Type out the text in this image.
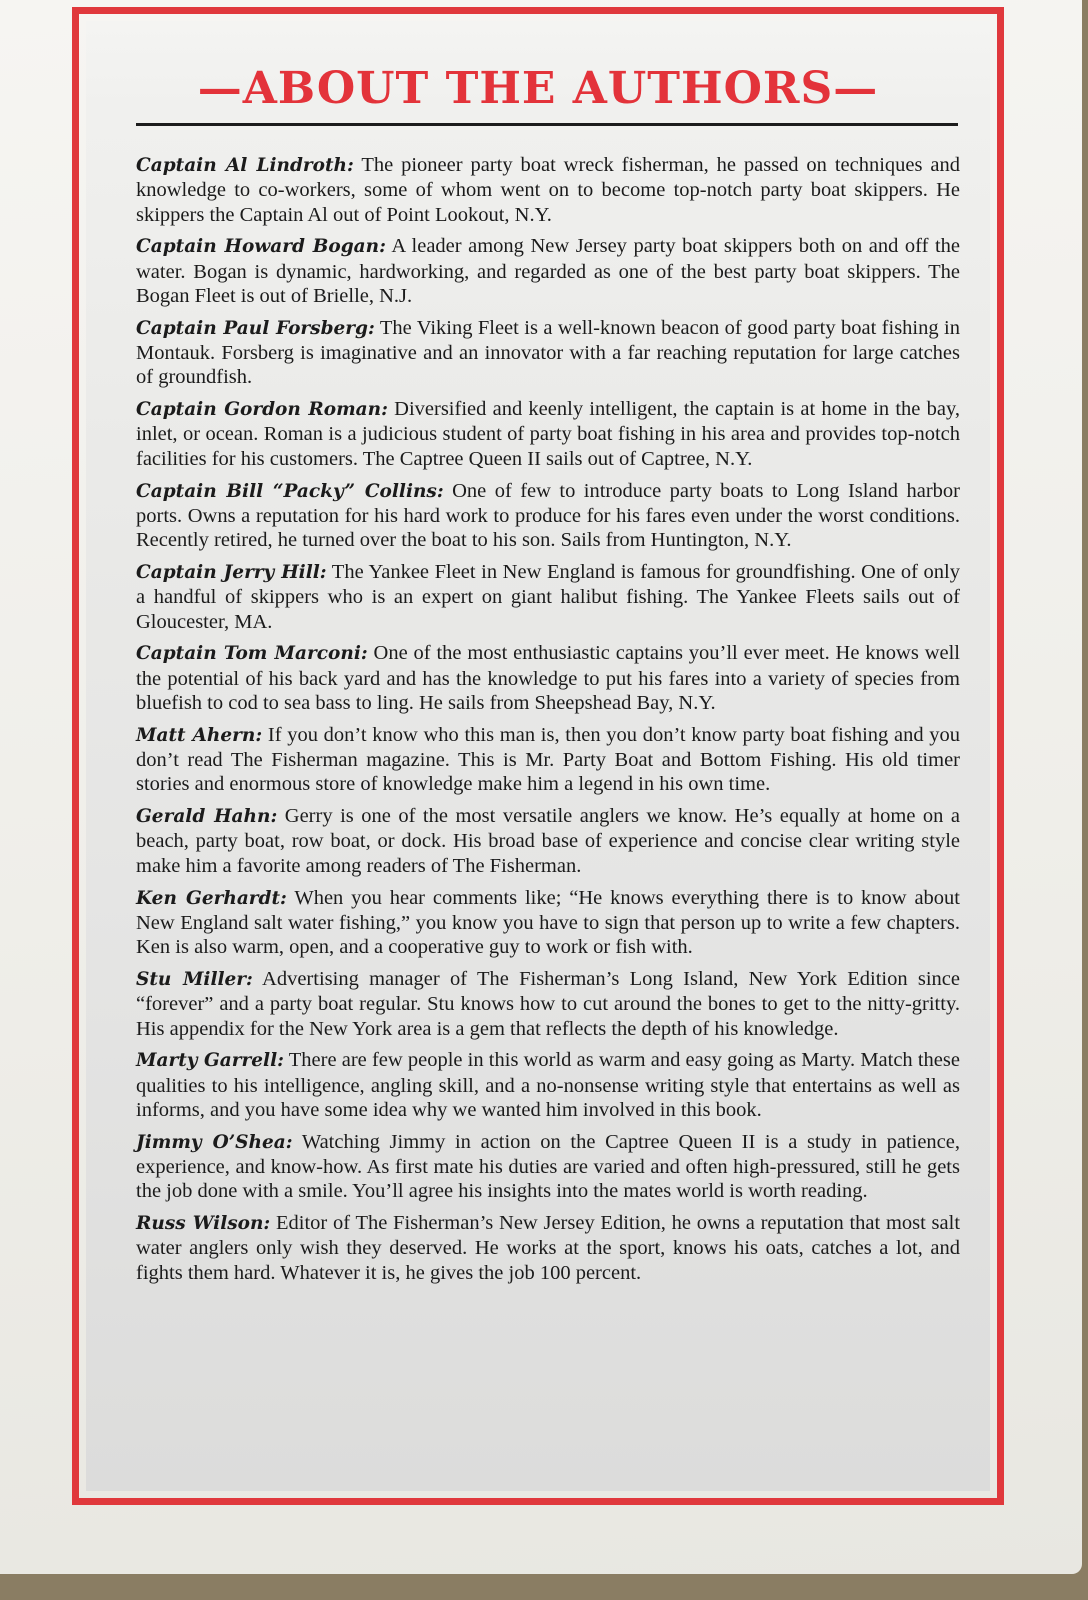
—ABOUT THE AUTHORS—

Captain Al Lindroth: The pioneer party boat wreck fisherman, he passed on techniques and knowledge to co-workers, some of whom went on to become top-notch party boat skippers. He skippers the Captain Al out of Point Lookout, N.Y.

Captain Howard Bogan: A leader among New Jersey party boat skippers both on and off the water. Bogan is dynamic, hardworking, and regarded as one of the best party boat skippers. The Bogan Fleet is out of Brielle, N.J.

Captain Paul Forsberg: The Viking Fleet is a well-known beacon of good party boat fishing in Montauk. Forsberg is imaginative and an innovator with a far reaching reputation for large catches of groundfish.

Captain Gordon Roman: Diversified and keenly intelligent, the captain is at home in the bay, inlet, or ocean. Roman is a judicious student of party boat fishing in his area and provides top-notch facilities for his customers. The Captree Queen II sails out of Captree, N.Y.

Captain Bill “Packy” Collins: One of few to introduce party boats to Long Island harbor ports. Owns a reputation for his hard work to produce for his fares even under the worst conditions. Recently retired, he turned over the boat to his son. Sails from Huntington, N.Y.

Captain Jerry Hill: The Yankee Fleet in New England is famous for groundfishing. One of only a handful of skippers who is an expert on giant halibut fishing. The Yankee Fleets sails out of Gloucester, MA.

Captain Tom Marconi: One of the most enthusiastic captains you’ll ever meet. He knows well the potential of his back yard and has the knowledge to put his fares into a variety of species from bluefish to cod to sea bass to ling. He sails from Sheepshead Bay, N.Y.

Matt Ahern: If you don’t know who this man is, then you don’t know party boat fishing and you don’t read The Fisherman magazine. This is Mr. Party Boat and Bottom Fishing. His old timer stories and enormous store of knowledge make him a legend in his own time.

Gerald Hahn: Gerry is one of the most versatile anglers we know. He’s equally at home on a beach, party boat, row boat, or dock. His broad base of experience and concise clear writing style make him a favorite among readers of The Fisherman.

Ken Gerhardt: When you hear comments like; “He knows everything there is to know about New England salt water fishing,” you know you have to sign that person up to write a few chapters. Ken is also warm, open, and a cooperative guy to work or fish with.

Stu Miller: Advertising manager of The Fisherman’s Long Island, New York Edition since “forever” and a party boat regular. Stu knows how to cut around the bones to get to the nitty-gritty. His appendix for the New York area is a gem that reflects the depth of his knowledge.

Marty Garrell: There are few people in this world as warm and easy going as Marty. Match these qualities to his intelligence, angling skill, and a no-nonsense writing style that entertains as well as informs, and you have some idea why we wanted him involved in this book.

Jimmy O’Shea: Watching Jimmy in action on the Captree Queen II is a study in patience, experience, and know-how. As first mate his duties are varied and often high-pressured, still he gets the job done with a smile. You’ll agree his insights into the mates world is worth reading.

Russ Wilson: Editor of The Fisherman’s New Jersey Edition, he owns a reputation that most salt water anglers only wish they deserved. He works at the sport, knows his oats, catches a lot, and fights them hard. Whatever it is, he gives the job 100 percent.
